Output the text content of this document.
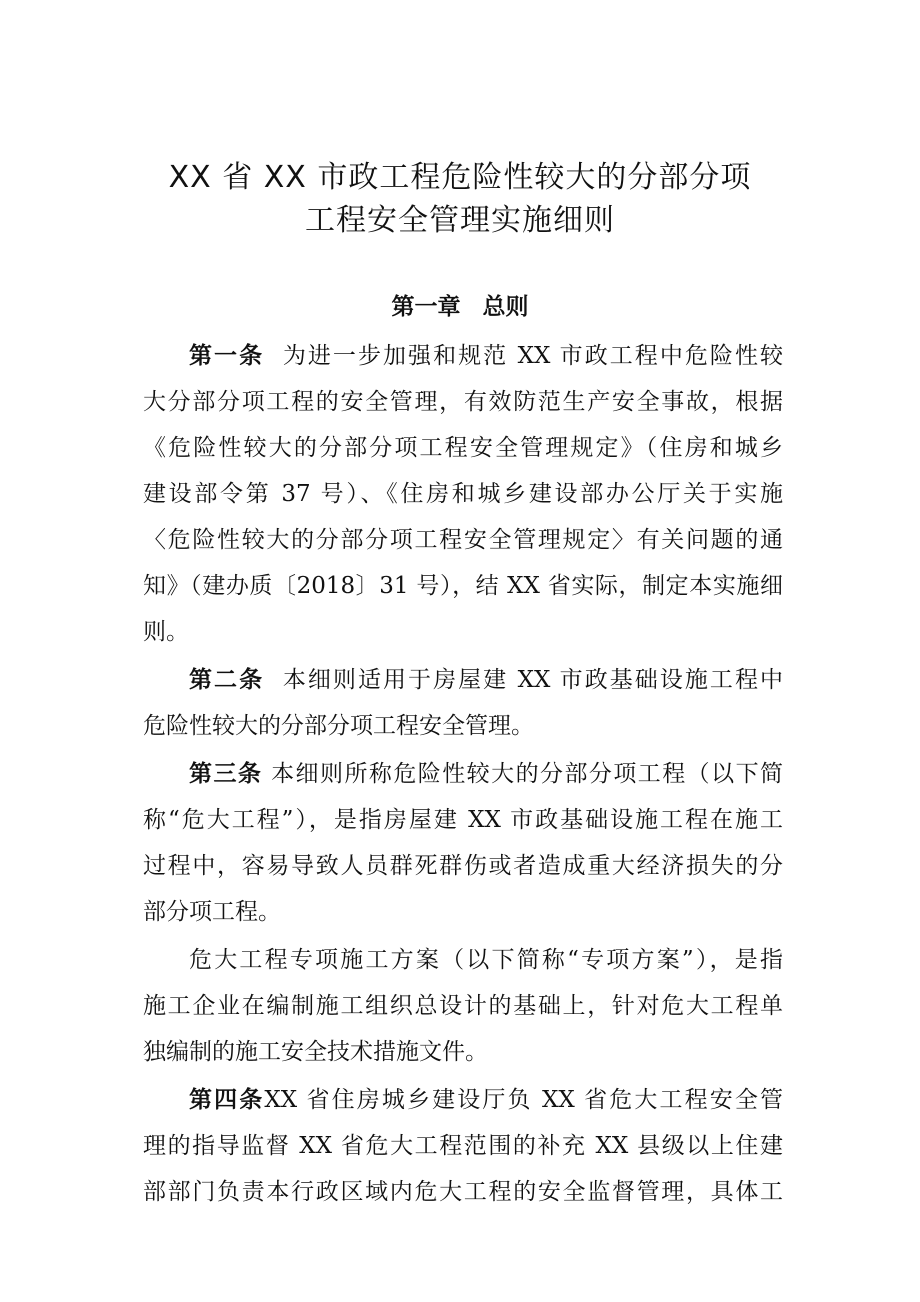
XX 省 XX 市政工程危险性较大的分部分项
工程安全管理实施细则
第一章 总则
第一条 为进一步加强和规范 XX 市政工程中危险性较
大分部分项工程的安全管理，有效防范生产安全事故，根据
《危险性较大的分部分项工程安全管理规定》（住房和城乡
建设部令第 37 号）、《住房和城乡建设部办公厅关于实施
〈危险性较大的分部分项工程安全管理规定〉有关问题的通
知》（建办质〔2018〕31 号），结 XX 省实际，制定本实施细
则。
第二条 本细则适用于房屋建 XX 市政基础设施工程中
危险性较大的分部分项工程安全管理。
第三条 本细则所称危险性较大的分部分项工程（以下简
称“危大工程”），是指房屋建 XX 市政基础设施工程在施工
过程中，容易导致人员群死群伤或者造成重大经济损失的分
部分项工程。
危大工程专项施工方案（以下简称“专项方案”），是指
施工企业在编制施工组织总设计的基础上，针对危大工程单
独编制的施工安全技术措施文件。
第四条XX 省住房城乡建设厅负 XX 省危大工程安全管
理的指导监督 XX 省危大工程范围的补充 XX 县级以上住建
部部门负责本行政区域内危大工程的安全监督管理，具体工
